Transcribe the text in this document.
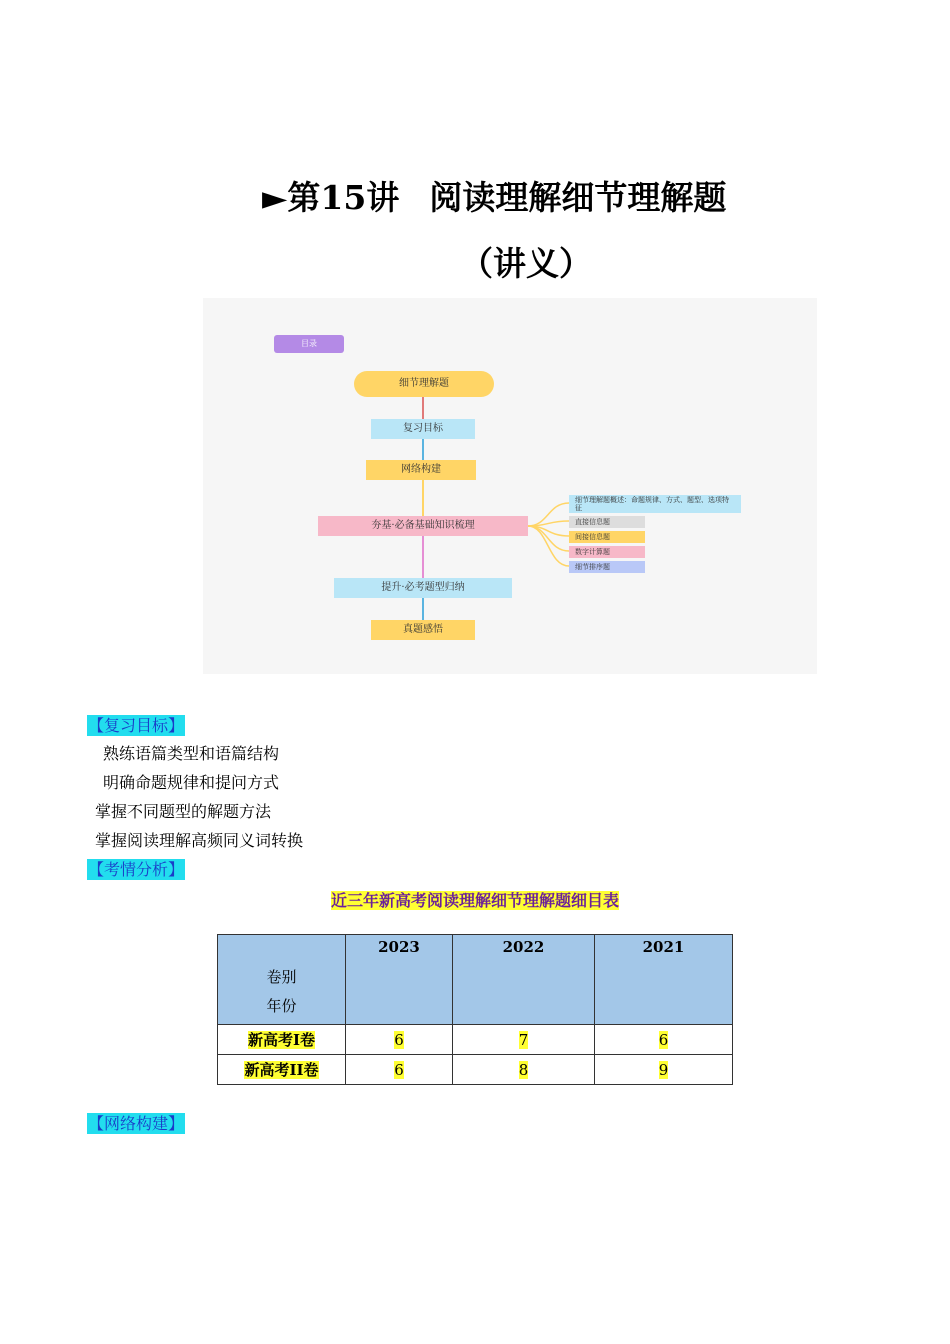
►第15讲 阅读理解细节理解题
（讲义）
目录
细节理解题
复习目标
网络构建
夯基·必备基础知识梳理
提升·必考题型归纳
真题感悟
细节理解题概述：命题规律、方式、题型、选项特征
直接信息题
间接信息题
数字计算题
细节排序题
【复习目标】
熟练语篇类型和语篇结构
明确命题规律和提问方式
掌握不同题型的解题方法
掌握阅读理解高频同义词转换
【考情分析】
近三年新高考阅读理解细节理解题细目表
卷别
年份	2023	2022	2021
新高考I卷	6	7	6
新高考II卷	6	8	9
【网络构建】
